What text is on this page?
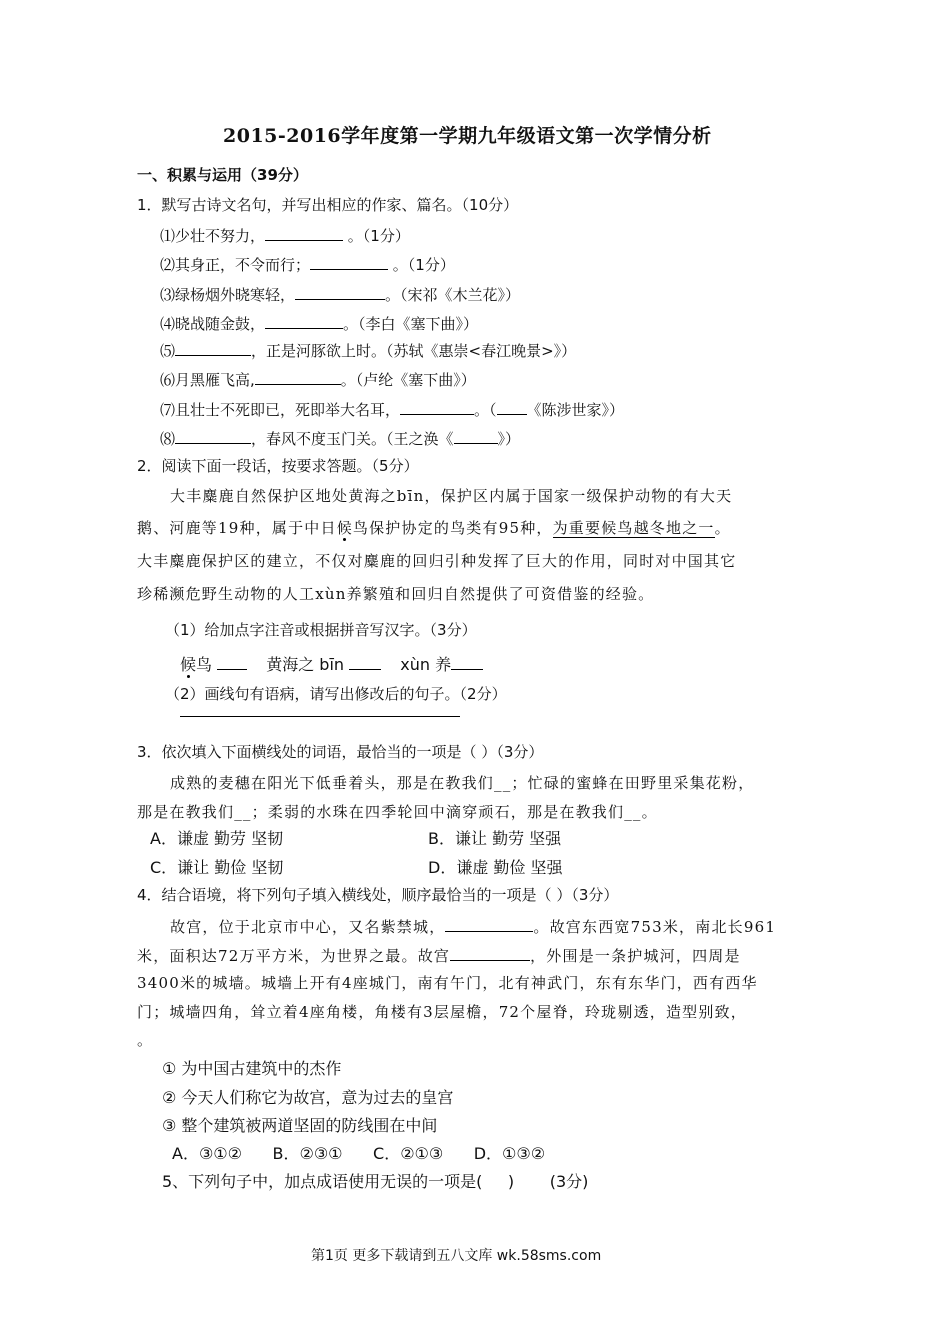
2015-2016学年度第一学期九年级语文第一次学情分析
一、积累与运用（39分）
1．默写古诗文名句，并写出相应的作家、篇名。（10分）
⑴少壮不努力，	。（1分）
⑵其身正，不令而行；	。（1分）
⑶绿杨烟外晓寒轻，	。（宋祁《木兰花》）
⑷晓战随金鼓，	。（李白《塞下曲》）
⑸	，正是河豚欲上时。（苏轼《惠崇<春江晚景>》）
⑹月黑雁飞高,	。（卢纶《塞下曲》）
⑺且壮士不死即已，死即举大名耳，	。（ 《陈涉世家》）
⑻	，春风不度玉门关。（王之涣《	》）
2．阅读下面一段话，按要求答题。（5分）
大丰麋鹿自然保护区地处黄海之bīn，保护区内属于国家一级保护动物的有大天
鹅、河鹿等19种，属于中日候鸟保护协定的鸟类有95种，为重要候鸟越冬地之一。
大丰麋鹿保护区的建立，不仅对麋鹿的回归引种发挥了巨大的作用，同时对中国其它
珍稀濒危野生动物的人工xùn养繁殖和回归自然提供了可资借鉴的经验。
（1）给加点字注音或根据拼音写汉字。（3分）
候鸟	黄海之 bīn	xùn 养
（2）画线句有语病，请写出修改后的句子。（2分）
3．依次填入下面横线处的词语，最恰当的一项是（ ）（3分）
成熟的麦穗在阳光下低垂着头，那是在教我们__；忙碌的蜜蜂在田野里采集花粉，
那是在教我们__；柔弱的水珠在四季轮回中滴穿顽石，那是在教我们__。
A．谦虚 勤劳 坚韧	B．谦让 勤劳 坚强
C．谦让 勤俭 坚韧	D．谦虚 勤俭 坚强
4．结合语境，将下列句子填入横线处，顺序最恰当的一项是（ ）（3分）
故宫，位于北京市中心，又名紫禁城，	。故宫东西宽753米，南北长961
米，面积达72万平方米，为世界之最。故宫	，外围是一条护城河，四周是
3400米的城墙。城墙上开有4座城门，南有午门，北有神武门，东有东华门，西有西华
门；城墙四角，耸立着4座角楼，角楼有3层屋檐，72个屋脊，玲珑剔透，造型别致，
。
① 为中国古建筑中的杰作
② 今天人们称它为故宫，意为过去的皇宫
③ 整个建筑被两道坚固的防线围在中间
A．③①②      B．②③①      C．②①③      D．①③②
5、下列句子中，加点成语使用无误的一项是(     )       (3分)
第1页 更多下载请到五八文库 wk.58sms.com
